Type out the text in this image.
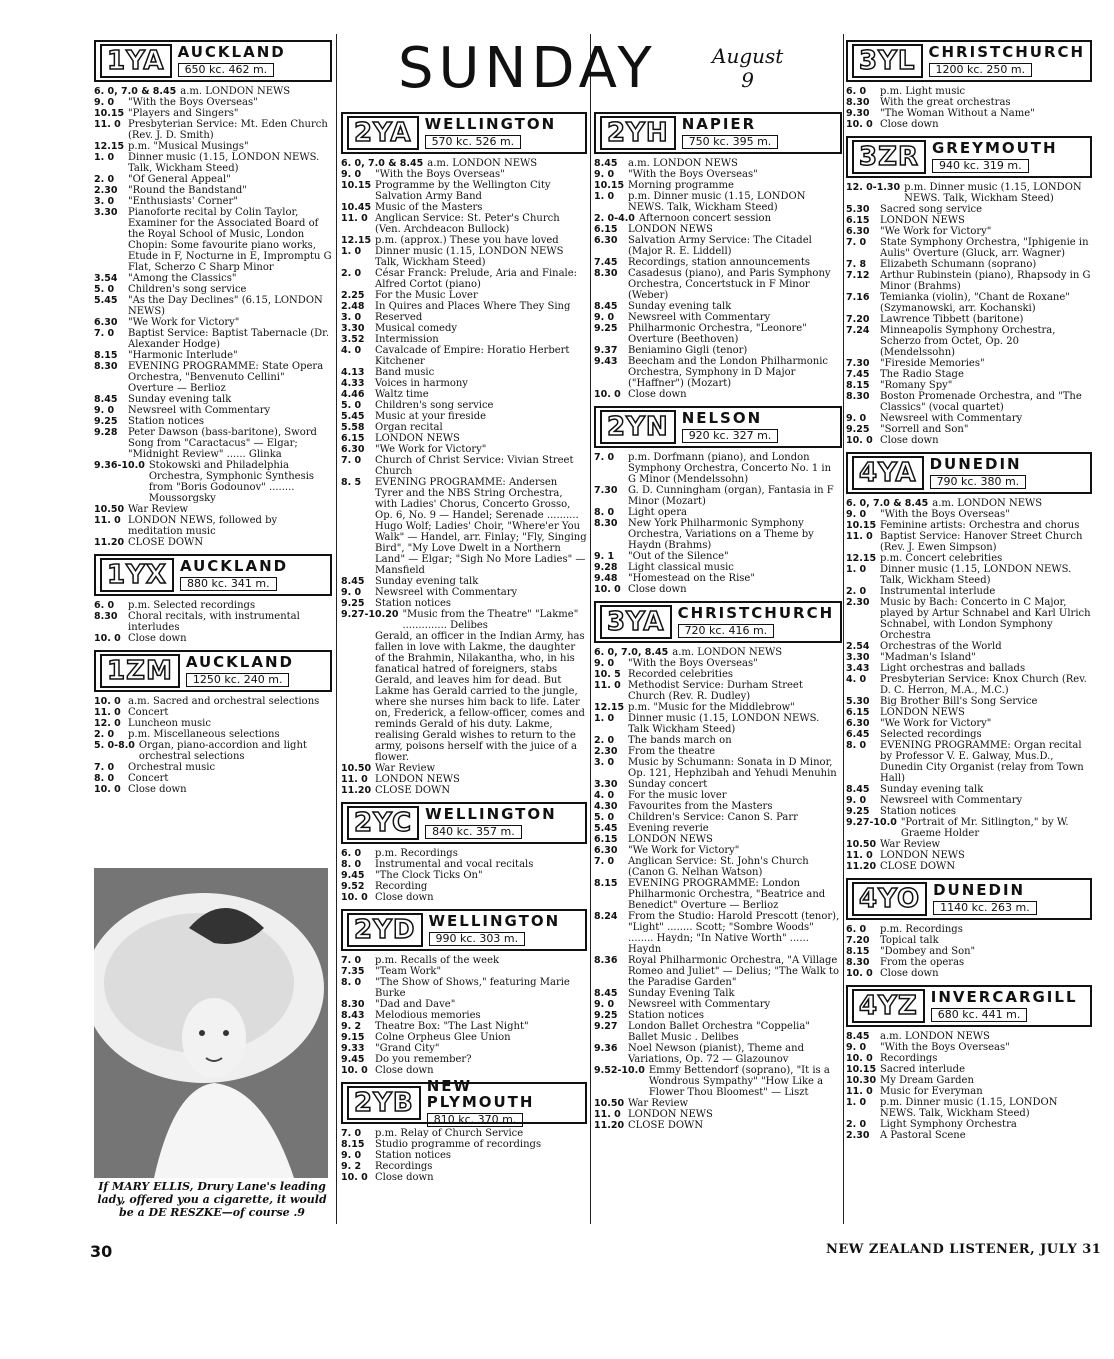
SUNDAY	August
9
1YA AUCKLAND
650 kc. 462 m.
6. 0, 7.0 & 8.45 a.m. LONDON NEWS
9. 0	"With the Boys Overseas"
10.15 "Players and Singers"
11. 0 Presbyterian Service: Mt. Eden Church (Rev. J. D. Smith)
12.15 p.m. "Musical Musings"
1. 0	Dinner music (1.15, LONDON NEWS. Talk, Wickham Steed)
2. 0	"Of General Appeal"
2.30	"Round the Bandstand"
3. 0	"Enthusiasts' Corner"
3.30	Pianoforte recital by Colin Taylor, Examiner for the Associated Board of the Royal School of Music, London
Chopin: Some favourite piano works, Etude in F, Nocturne in E, Impromptu G Flat, Scherzo C Sharp Minor
3.54	"Among the Classics"
5. 0	Children's song service
5.45	"As the Day Declines" (6.15, LONDON NEWS)
6.30	"We Work for Victory"
7. 0	Baptist Service: Baptist Tabernacle (Dr. Alexander Hodge)
8.15	"Harmonic Interlude"
8.30	EVENING PROGRAMME: State Opera Orchestra, "Benvenuto Cellini" Overture — Berlioz
8.45	Sunday evening talk
9. 0	Newsreel with Commentary
9.25	Station notices
9.28	Peter Dawson (bass-baritone), Sword Song from "Caractacus" — Elgar; "Midnight Review" ...... Glinka
9.36-10.0 Stokowski and Philadelphia Orchestra, Symphonic Synthesis from "Boris Godounov" ........ Moussorgsky
10.50 War Review
11. 0 LONDON NEWS, followed by meditation music
11.20 CLOSE DOWN
1YX AUCKLAND
880 kc. 341 m.
6. 0	p.m. Selected recordings
8.30	Choral recitals, with instrumental interludes
10. 0 Close down
1ZM AUCKLAND
1250 kc. 240 m.
10. 0 a.m. Sacred and orchestral selections
11. 0 Concert
12. 0 Luncheon music
2. 0	p.m. Miscellaneous selections
5. 0-8.0 Organ, piano-accordion and light orchestral selections
7. 0	Orchestral music
8. 0	Concert
10. 0 Close down
2YA WELLINGTON
570 kc. 526 m.
6. 0, 7.0 & 8.45 a.m. LONDON NEWS
9. 0	"With the Boys Overseas"
10.15 Programme by the Wellington City Salvation Army Band
10.45 Music of the Masters
11. 0 Anglican Service: St. Peter's Church (Ven. Archdeacon Bullock)
12.15 p.m. (approx.) These you have loved
1. 0	Dinner music (1.15, LONDON NEWS Talk, Wickham Steed)
2. 0	César Franck: Prelude, Aria and Finale: Alfred Cortot (piano)
2.25	For the Music Lover
2.48	In Quires and Places Where They Sing
3. 0	Reserved
3.30	Musical comedy
3.52	Intermission
4. 0	Cavalcade of Empire: Horatio Herbert Kitchener
4.13	Band music
4.33	Voices in harmony
4.46	Waltz time
5. 0	Children's song service
5.45	Music at your fireside
5.58	Organ recital
6.15	LONDON NEWS
6.30	"We Work for Victory"
7. 0	Church of Christ Service: Vivian Street Church
8. 5	EVENING PROGRAMME: Andersen Tyrer and the NBS String Orchestra, with Ladies' Chorus, Concerto Grosso, Op. 6, No. 9 — Handel; Serenade .......... Hugo Wolf; Ladies' Choir, "Where'er You Walk" — Handel, arr. Finlay; "Fly, Singing Bird", "My Love Dwelt in a Northern Land" — Elgar; "Sigh No More Ladies" — Mansfield
8.45	Sunday evening talk
9. 0	Newsreel with Commentary
9.25	Station notices
9.27-10.20 "Music from the Theatre" "Lakme" .............. Delibes
Gerald, an officer in the Indian Army, has fallen in love with Lakme, the daughter of the Brahmin, Nilakantha, who, in his fanatical hatred of foreigners, stabs Gerald, and leaves him for dead. But Lakme has Gerald carried to the jungle, where she nurses him back to life. Later on, Frederick, a fellow-officer, comes and reminds Gerald of his duty. Lakme, realising Gerald wishes to return to the army, poisons herself with the juice of a flower.
10.50 War Review
11. 0 LONDON NEWS
11.20 CLOSE DOWN
2YC WELLINGTON
840 kc. 357 m.
6. 0	p.m. Recordings
8. 0	Instrumental and vocal recitals
9.45	"The Clock Ticks On"
9.52	Recording
10. 0 Close down
2YD WELLINGTON
990 kc. 303 m.
7. 0	p.m. Recalls of the week
7.35	"Team Work"
8. 0	"The Show of Shows," featuring Marie Burke
8.30	"Dad and Dave"
8.43	Melodious memories
9. 2	Theatre Box: "The Last Night"
9.15	Colne Orpheus Glee Union
9.33	"Grand City"
9.45	Do you remember?
10. 0 Close down
2YB
NEW PLYMOUTH
810 kc. 370 m.
7. 0	p.m. Relay of Church Service
8.15	Studio programme of recordings
9. 0	Station notices
9. 2	Recordings
10. 0 Close down
2YH NAPIER
750 kc. 395 m.
8.45	a.m. LONDON NEWS
9. 0	"With the Boys Overseas"
10.15 Morning programme
1. 0	p.m. Dinner music (1.15, LONDON NEWS. Talk, Wickham Steed)
2. 0-4.0 Afternoon concert session
6.15	LONDON NEWS
6.30	Salvation Army Service: The Citadel (Major R. E. Liddell)
7.45	Recordings, station announcements
8.30	Casadesus (piano), and Paris Symphony Orchestra, Concertstuck in F Minor (Weber)
8.45	Sunday evening talk
9. 0	Newsreel with Commentary
9.25	Philharmonic Orchestra, "Leonore" Overture (Beethoven)
9.37	Beniamino Gigli (tenor)
9.43	Beecham and the London Philharmonic Orchestra, Symphony in D Major ("Haffner") (Mozart)
10. 0 Close down
2YN NELSON
920 kc. 327 m.
7. 0	p.m. Dorfmann (piano), and London Symphony Orchestra, Concerto No. 1 in G Minor (Mendelssohn)
7.30	G. D. Cunningham (organ), Fantasia in F Minor (Mozart)
8. 0	Light opera
8.30	New York Philharmonic Symphony Orchestra, Variations on a Theme by Haydn (Brahms)
9. 1	"Out of the Silence"
9.28	Light classical music
9.48	"Homestead on the Rise"
10. 0 Close down
3YA CHRISTCHURCH
720 kc. 416 m.
6. 0, 7.0, 8.45 a.m. LONDON NEWS
9. 0	"With the Boys Overseas"
10. 5 Recorded celebrities
11. 0 Methodist Service: Durham Street Church (Rev. R. Dudley)
12.15 p.m. "Music for the Middlebrow"
1. 0	Dinner music (1.15, LONDON NEWS. Talk Wickham Steed)
2. 0	The bands march on
2.30	From the theatre
3. 0	Music by Schumann: Sonata in D Minor, Op. 121, Hephzibah and Yehudi Menuhin
3.30	Sunday concert
4. 0	For the music lover
4.30	Favourites from the Masters
5. 0	Children's Service: Canon S. Parr
5.45	Evening reverie
6.15	LONDON NEWS
6.30	"We Work for Victory"
7. 0	Anglican Service: St. John's Church (Canon G. Nelhan Watson)
8.15	EVENING PROGRAMME: London Philharmonic Orchestra, "Beatrice and Benedict" Overture — Berlioz
8.24	From the Studio: Harold Prescott (tenor), "Light" ........ Scott; "Sombre Woods" ........ Haydn; "In Native Worth" ...... Haydn
8.36	Royal Philharmonic Orchestra, "A Village Romeo and Juliet" — Delius; "The Walk to the Paradise Garden"
8.45	Sunday Evening Talk
9. 0	Newsreel with Commentary
9.25	Station notices
9.27	London Ballet Orchestra "Coppelia" Ballet Music . Delibes
9.36	Noel Newson (pianist), Theme and Variations, Op. 72 — Glazounov
9.52-10.0 Emmy Bettendorf (soprano), "It is a Wondrous Sympathy" "How Like a Flower Thou Bloomest" — Liszt
10.50 War Review
11. 0 LONDON NEWS
11.20 CLOSE DOWN
3YL CHRISTCHURCH
1200 kc. 250 m.
6. 0	p.m. Light music
8.30	With the great orchestras
9.30	"The Woman Without a Name"
10. 0 Close down
3ZR GREYMOUTH
940 kc. 319 m.
12. 0-1.30 p.m. Dinner music (1.15, LONDON NEWS. Talk, Wickham Steed)
5.30	Sacred song service
6.15	LONDON NEWS
6.30	"We Work for Victory"
7. 0	State Symphony Orchestra, "Iphigenie in Aulis" Overture (Gluck, arr. Wagner)
7. 8	Elizabeth Schumann (soprano)
7.12	Arthur Rubinstein (piano), Rhapsody in G Minor (Brahms)
7.16	Temianka (violin), "Chant de Roxane" (Szymanowski, arr. Kochanski)
7.20	Lawrence Tibbett (baritone)
7.24	Minneapolis Symphony Orchestra, Scherzo from Octet, Op. 20 (Mendelssohn)
7.30	"Fireside Memories"
7.45	The Radio Stage
8.15	"Romany Spy"
8.30	Boston Promenade Orchestra, and "The Classics" (vocal quartet)
9. 0	Newsreel with Commentary
9.25	"Sorrell and Son"
10. 0 Close down
4YA DUNEDIN
790 kc. 380 m.
6. 0, 7.0 & 8.45 a.m. LONDON NEWS
9. 0	"With the Boys Overseas"
10.15 Feminine artists: Orchestra and chorus
11. 0 Baptist Service: Hanover Street Church (Rev. J. Ewen Simpson)
12.15 p.m. Concert celebrities
1. 0	Dinner music (1.15, LONDON NEWS. Talk, Wickham Steed)
2. 0	Instrumental interlude
2.30	Music by Bach: Concerto in C Major, played by Artur Schnabel and Karl Ulrich Schnabel, with London Symphony Orchestra
2.54	Orchestras of the World
3.30	"Madman's Island"
3.43	Light orchestras and ballads
4. 0	Presbyterian Service: Knox Church (Rev. D. C. Herron, M.A., M.C.)
5.30	Big Brother Bill's Song Service
6.15	LONDON NEWS
6.30	"We Work for Victory"
6.45	Selected recordings
8. 0	EVENING PROGRAMME: Organ recital by Professor V. E. Galway, Mus.D., Dunedin City Organist (relay from Town Hall)
8.45	Sunday evening talk
9. 0	Newsreel with Commentary
9.25	Station notices
9.27-10.0 "Portrait of Mr. Sitlington," by W. Graeme Holder
10.50 War Review
11. 0 LONDON NEWS
11.20 CLOSE DOWN
4YO DUNEDIN
1140 kc. 263 m.
6. 0	p.m. Recordings
7.20	Topical talk
8.15	"Dombey and Son"
8.30	From the operas
10. 0 Close down
4YZ INVERCARGILL
680 kc. 441 m.
8.45	a.m. LONDON NEWS
9. 0	"With the Boys Overseas"
10. 0 Recordings
10.15 Sacred interlude
10.30 My Dream Garden
11. 0 Music for Everyman
1. 0	p.m. Dinner music (1.15, LONDON NEWS. Talk, Wickham Steed)
2. 0	Light Symphony Orchestra
2.30	A Pastoral Scene
If MARY ELLIS, Drury Lane's leading lady, offered you a cigarette, it would be a DE RESZKE—of course .9
30	NEW ZEALAND LISTENER, JULY 31
